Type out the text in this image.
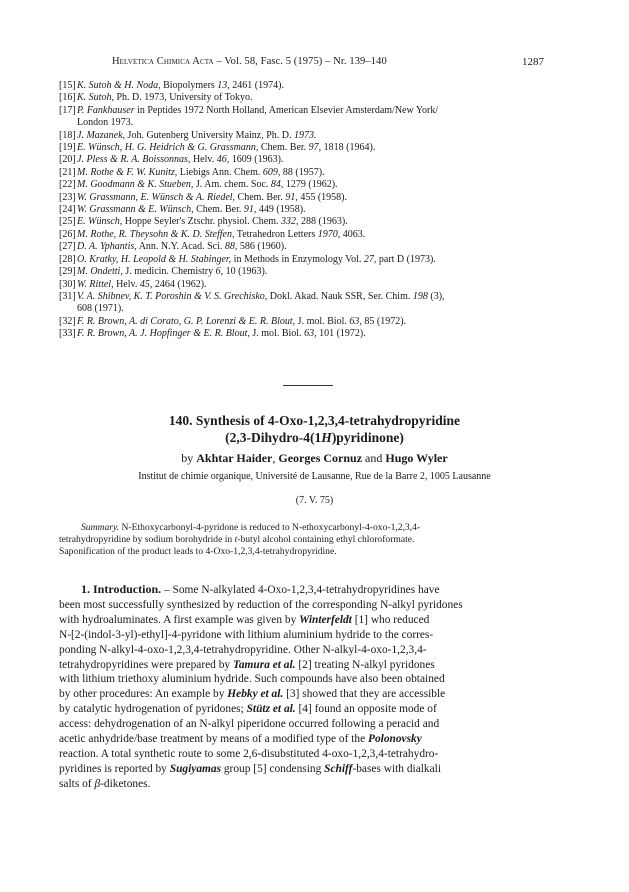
Helvetica Chimica Acta – Vol. 58, Fasc. 5 (1975) – Nr. 139–140	1287
[15]K. Sutoh & H. Noda, Biopolymers 13, 2461 (1974).
[16]K. Sutoh, Ph. D. 1973, University of Tokyo.
[17]P. Fankhauser in Peptides 1972 North Holland, American Elsevier Amsterdam/New York/
London 1973.
[18]J. Mazanek, Joh. Gutenberg University Mainz, Ph. D. 1973.
[19]E. Wünsch, H. G. Heidrich & G. Grassmann, Chem. Ber. 97, 1818 (1964).
[20]J. Pless & R. A. Boissonnas, Helv. 46, 1609 (1963).
[21]M. Rothe & F. W. Kunitz, Liebigs Ann. Chem. 609, 88 (1957).
[22]M. Goodmann & K. Stueben, J. Am. chem. Soc. 84, 1279 (1962).
[23]W. Grassmann, E. Wünsch & A. Riedel, Chem. Ber. 91, 455 (1958).
[24]W. Grassmann & E. Wünsch, Chem. Ber. 91, 449 (1958).
[25]E. Wünsch, Hoppe Seyler's Ztschr. physiol. Chem. 332, 288 (1963).
[26]M. Rothe, R. Theysohn & K. D. Steffen, Tetrahedron Letters 1970, 4063.
[27]D. A. Yphantis, Ann. N.Y. Acad. Sci. 88, 586 (1960).
[28]O. Kratky, H. Leopold & H. Stabinger, in Methods in Enzymology Vol. 27, part D (1973).
[29]M. Ondetti, J. medicin. Chemistry 6, 10 (1963).
[30]W. Rittel, Helv. 45, 2464 (1962).
[31]V. A. Shibnev, K. T. Poroshin & V. S. Grechisko, Dokl. Akad. Nauk SSR, Ser. Chim. 198 (3),
608 (1971).
[32]F. R. Brown, A. di Corato, G. P. Lorenzi & E. R. Blout, J. mol. Biol. 63, 85 (1972).
[33]F. R. Brown, A. J. Hopfinger & E. R. Blout, J. mol. Biol. 63, 101 (1972).
140. Synthesis of 4-Oxo-1,2,3,4-tetrahydropyridine
(2,3-Dihydro-4(1H)pyridinone)
by Akhtar Haider, Georges Cornuz and Hugo Wyler
Institut de chimie organique, Université de Lausanne, Rue de la Barre 2, 1005 Lausanne
(7. V. 75)
Summary. N-Ethoxycarbonyl-4-pyridone is reduced to N-ethoxycarbonyl-4-oxo-1,2,3,4-
tetrahydropyridine by sodium borohydride in t-butyl alcohol containing ethyl chloroformate.
Saponification of the product leads to 4-Oxo-1,2,3,4-tetrahydropyridine.
1. Introduction. – Some N-alkylated 4-Oxo-1,2,3,4-tetrahydropyridines have
been most successfully synthesized by reduction of the corresponding N-alkyl pyridones
with hydroaluminates. A first example was given by Winterfeldt [1] who reduced
N-[2-(indol-3-yl)-ethyl]-4-pyridone with lithium aluminium hydride to the corres-
ponding N-alkyl-4-oxo-1,2,3,4-tetrahydropyridine. Other N-alkyl-4-oxo-1,2,3,4-
tetrahydropyridines were prepared by Tamura et al. [2] treating N-alkyl pyridones
with lithium triethoxy aluminium hydride. Such compounds have also been obtained
by other procedures: An example by Hebky et al. [3] showed that they are accessible
by catalytic hydrogenation of pyridones; Stütz et al. [4] found an opposite mode of
access: dehydrogenation of an N-alkyl piperidone occurred following a peracid and
acetic anhydride/base treatment by means of a modified type of the Polonovsky
reaction. A total synthetic route to some 2,6-disubstituted 4-oxo-1,2,3,4-tetrahydro-
pyridines is reported by Sugiyamas group [5] condensing Schiff-bases with dialkali
salts of β-diketones.
